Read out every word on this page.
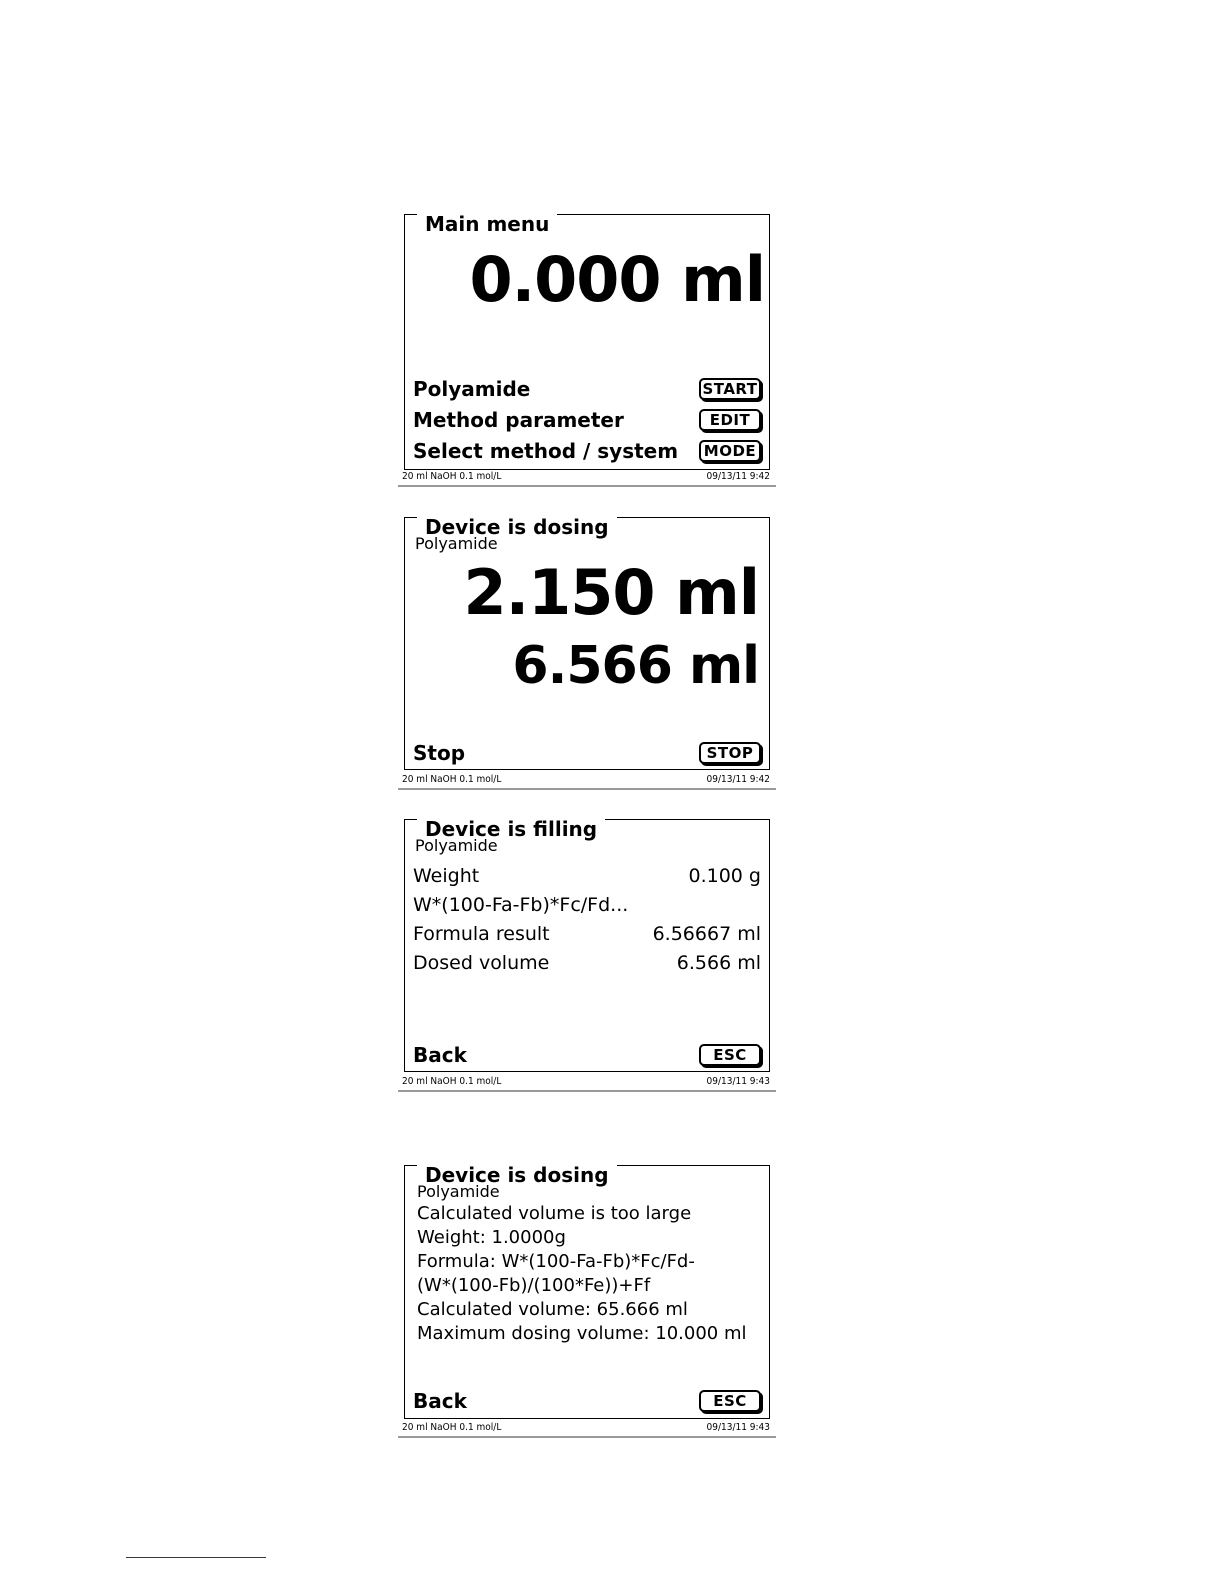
Main menu
0.000 ml
Polyamide	START
Method parameter	EDIT
Select method / system	MODE
20 ml NaOH 0.1 mol/L	09/13/11 9:42
Device is dosing
Polyamide
2.150 ml
6.566 ml
Stop	STOP
20 ml NaOH 0.1 mol/L	09/13/11 9:42
Device is filling
Polyamide
Weight	0.100 g
W*(100-Fa-Fb)*Fc/Fd...
Formula result	6.56667 ml
Dosed volume	6.566 ml
Back	ESC
20 ml NaOH 0.1 mol/L	09/13/11 9:43
Device is dosing
Polyamide
Calculated volume is too large
Weight: 1.0000g
Formula: W*(100-Fa-Fb)*Fc/Fd-
(W*(100-Fb)/(100*Fe))+Ff
Calculated volume: 65.666 ml
Maximum dosing volume: 10.000 ml
Back	ESC
20 ml NaOH 0.1 mol/L	09/13/11 9:43
